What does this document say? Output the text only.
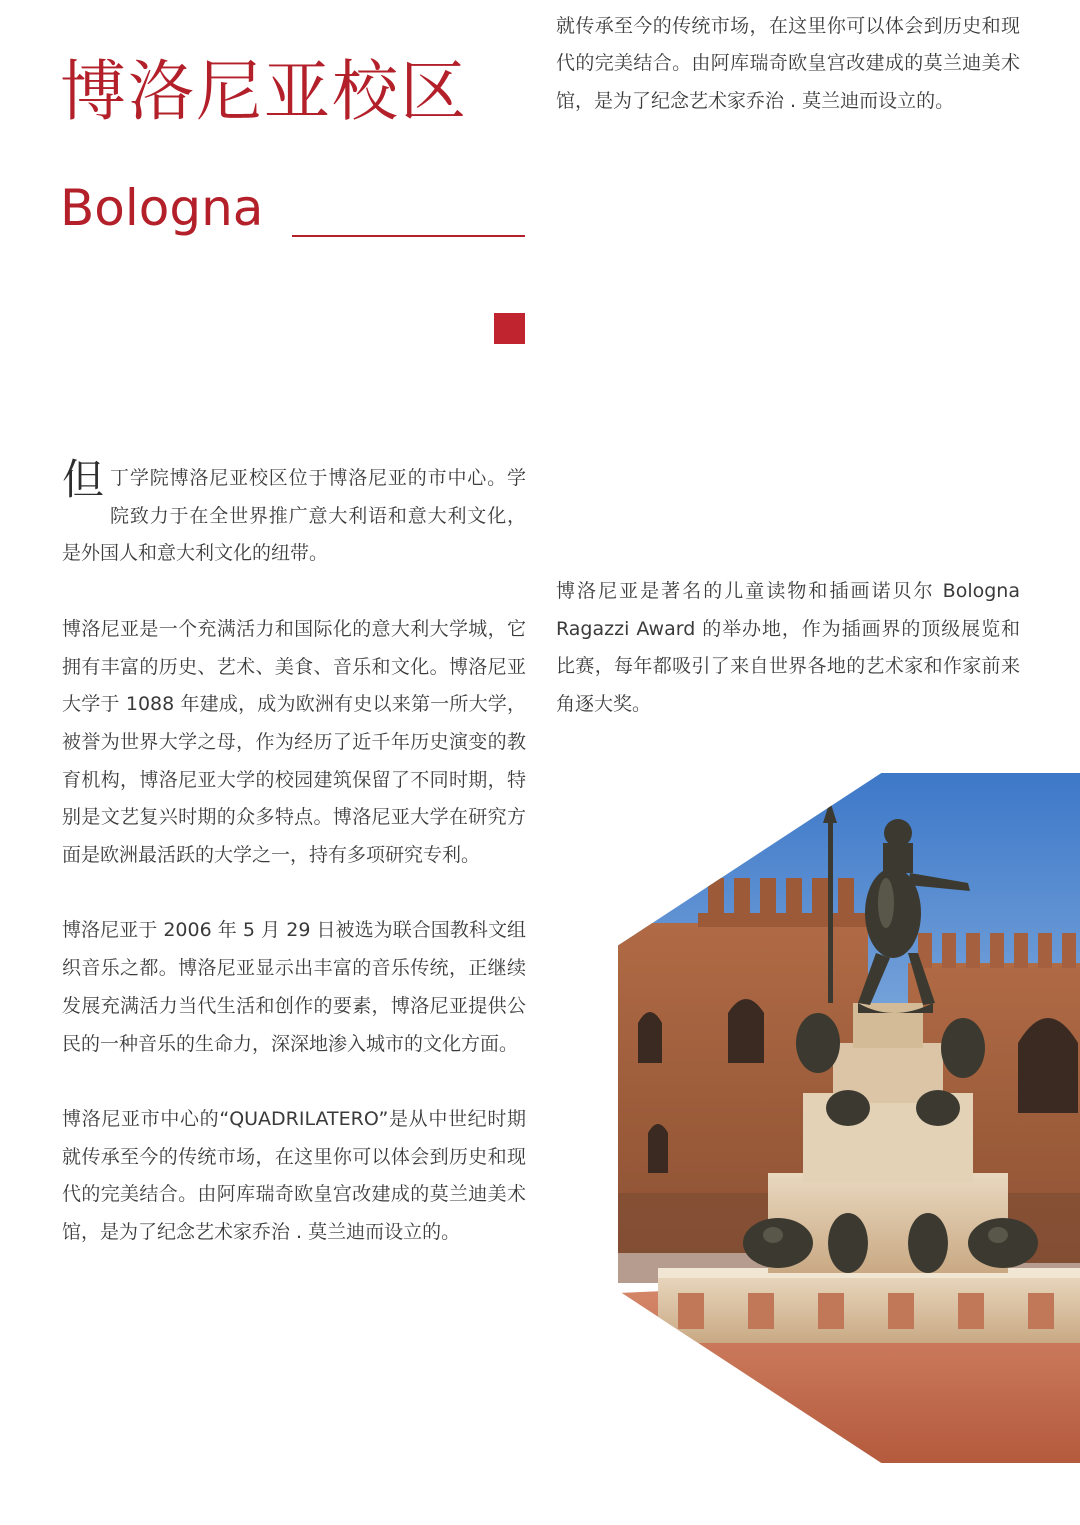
博洛尼亚校区
Bologna

但丁学院博洛尼亚校区位于博洛尼亚的市中心。学院致力于在全世界推广意大利语和意大利文化，是外国人和意大利文化的纽带。

博洛尼亚是一个充满活力和国际化的意大利大学城，它拥有丰富的历史、艺术、美食、音乐和文化。博洛尼亚大学于 1088 年建成，成为欧洲有史以来第一所大学，被誉为世界大学之母，作为经历了近千年历史演变的教育机构，博洛尼亚大学的校园建筑保留了不同时期，特别是文艺复兴时期的众多特点。博洛尼亚大学在研究方面是欧洲最活跃的大学之一，持有多项研究专利。

博洛尼亚于 2006 年 5 月 29 日被选为联合国教科文组织音乐之都。博洛尼亚显示出丰富的音乐传统，正继续发展充满活力当代生活和创作的要素，博洛尼亚提供公民的一种音乐的生命力，深深地渗入城市的文化方面。

博洛尼亚市中心的“QUADRILATERO”是从中世纪时期就传承至今的传统市场，在这里你可以体会到历史和现代的完美结合。由阿库瑞奇欧皇宫改建成的莫兰迪美术馆，是为了纪念艺术家乔治 . 莫兰迪而设立的。

就传承至今的传统市场，在这里你可以体会到历史和现代的完美结合。由阿库瑞奇欧皇宫改建成的莫兰迪美术馆，是为了纪念艺术家乔治 . 莫兰迪而设立的。

博洛尼亚是著名的儿童读物和插画诺贝尔 Bologna Ragazzi Award 的举办地，作为插画界的顶级展览和比赛，每年都吸引了来自世界各地的艺术家和作家前来角逐大奖。
